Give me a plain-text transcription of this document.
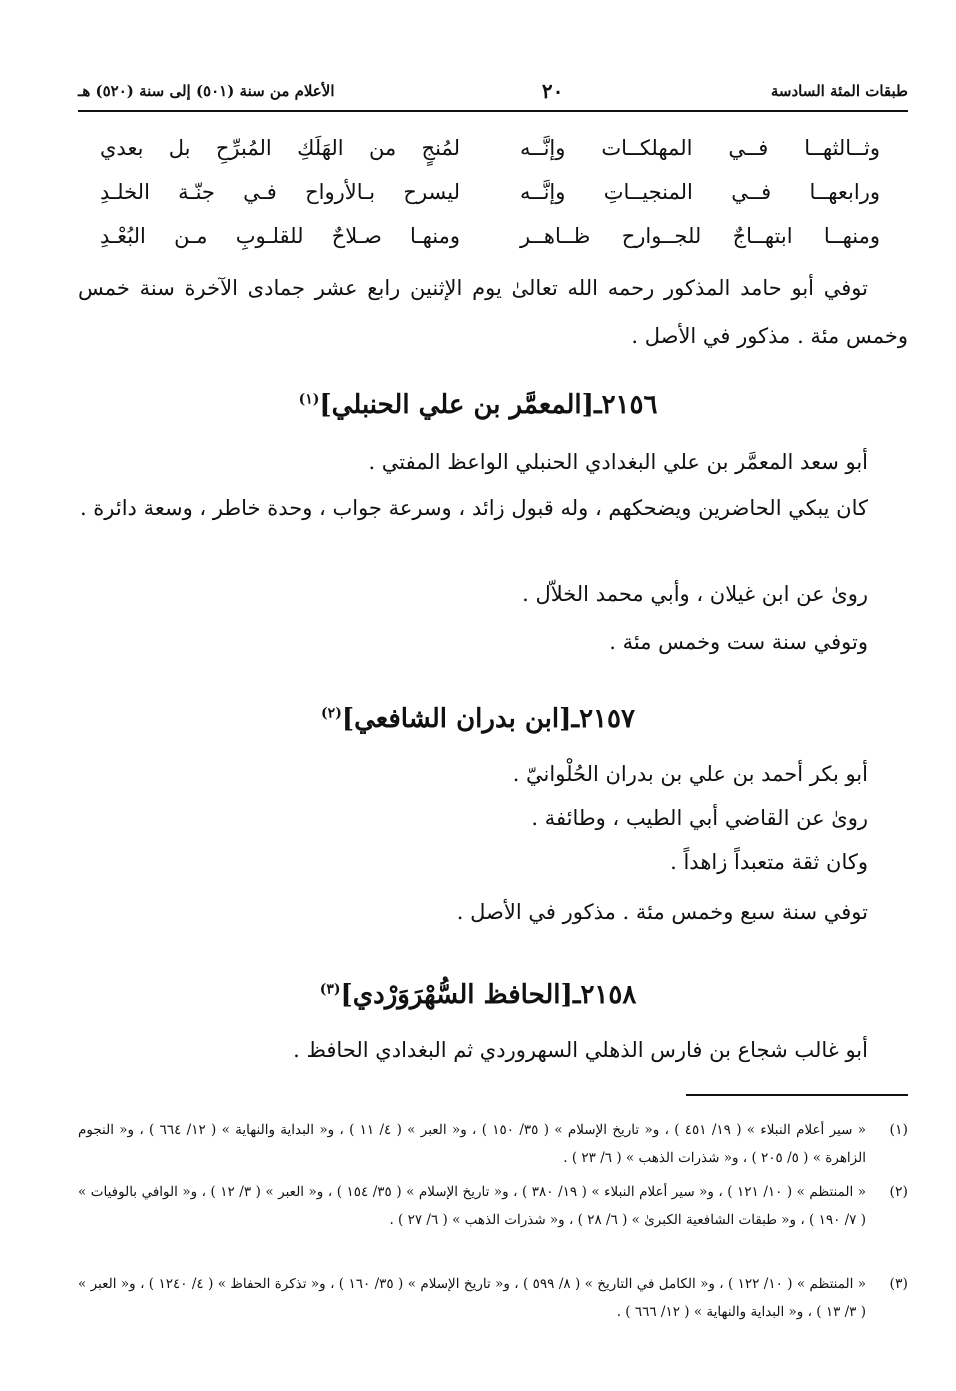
طبقات المئة السادسة
٢٠
الأعلام من سنة (٥٠١) إلى سنة (٥٢٠) هـ
وثــالثهــا فــي المهلكــات وإنَّــه
لمُنجٍ من الهَلَكِ المُبرِّحِ بل بعدي
ورابعهــا فــي المنجيــاتِ وإنَّــه
ليسرح بـالأرواح فـي جنّـة الخلـدِ
ومنهــا ابتهــاجٌ للجــوارح ظــاهــر
ومنهـا صـلاحٌ للقلـوبِ مـن البُعْـدِ
توفي أبو حامد المذكور رحمه الله تعالىٰ يوم الإثنين رابع عشر جمادى الآخرة سنة خمس وخمس مئة . مذكور في الأصل .
٢١٥٦ـ[المعمَّر بن علي الحنبلي]$^{(١)}$
أبو سعد المعمَّر بن علي البغدادي الحنبلي الواعظ المفتي .
كان يبكي الحاضرين ويضحكهم ، وله قبول زائد ، وسرعة جواب ، وحدة خاطر ، وسعة دائرة .
رویٰ عن ابن غيلان ، وأبي محمد الخلاّل .
وتوفي سنة ست وخمس مئة .
٢١٥٧ـ[ابن بدران الشافعي]$^{(٢)}$
أبو بكر أحمد بن علي بن بدران الحُلْوانيّ .
رویٰ عن القاضي أبي الطيب ، وطائفة .
وكان ثقة متعبداً زاهداً .
توفي سنة سبع وخمس مئة . مذكور في الأصل .
٢١٥٨ـ[الحافظ السُّهْرَوَرْدي]$^{(٣)}$
أبو غالب شجاع بن فارس الذهلي السهروردي ثم البغدادي الحافظ .
(١)
« سير أعلام النبلاء » ( ١٩/ ٤٥١ ) ، و« تاريخ الإسلام » ( ٣٥/ ١٥٠ ) ، و« العبر » ( ٤/ ١١ ) ، و« البداية والنهاية » ( ١٢/ ٦٦٤ ) ، و« النجوم الزاهرة » ( ٥/ ٢٠٥ ) ، و« شذرات الذهب » ( ٦/ ٢٣ ) .
(٢)
« المنتظم » ( ١٠/ ١٢١ ) ، و« سير أعلام النبلاء » ( ١٩/ ٣٨٠ ) ، و« تاريخ الإسلام » ( ٣٥/ ١٥٤ ) ، و« العبر » ( ٣/ ١٢ ) ، و« الوافي بالوفيات » ( ٧/ ١٩٠ ) ، و« طبقات الشافعية الكبرىٰ » ( ٦/ ٢٨ ) ، و« شذرات الذهب » ( ٦/ ٢٧ ) .
(٣)
« المنتظم » ( ١٠/ ١٢٢ ) ، و« الكامل في التاريخ » ( ٨/ ٥٩٩ ) ، و« تاريخ الإسلام » ( ٣٥/ ١٦٠ ) ، و« تذكرة الحفاظ » ( ٤/ ١٢٤٠ ) ، و« العبر » ( ٣/ ١٣ ) ، و« البداية والنهاية » ( ١٢/ ٦٦٦ ) .
